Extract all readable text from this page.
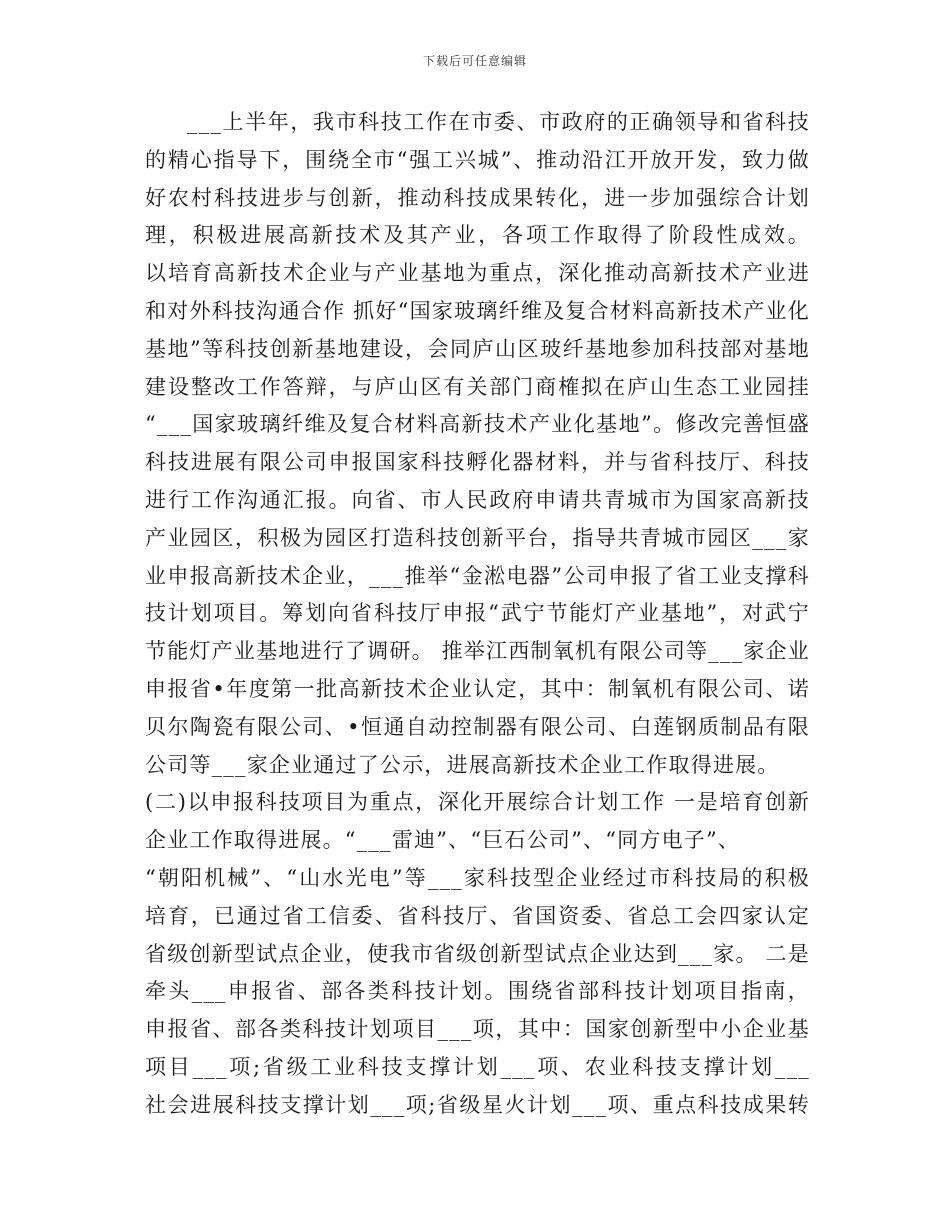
下载后可任意编辑
___上半年，我市科技工作在市委、市政府的正确领导和省科技
的精心指导下，围绕全市“强工兴城”、推动沿江开放开发，致力做
好农村科技进步与创新，推动科技成果转化，进一步加强综合计划
理，积极进展高新技术及其产业，各项工作取得了阶段性成效。
以培育高新技术企业与产业基地为重点，深化推动高新技术产业进
和对外科技沟通合作 抓好“国家玻璃纤维及复合材料高新技术产业化
基地”等科技创新基地建设，会同庐山区玻纤基地参加科技部对基地
建设整改工作答辩，与庐山区有关部门商榷拟在庐山生态工业园挂
“___国家玻璃纤维及复合材料高新技术产业化基地”。修改完善恒盛
科技进展有限公司申报国家科技孵化器材料，并与省科技厅、科技
进行工作沟通汇报。向省、市人民政府申请共青城市为国家高新技
产业园区，积极为园区打造科技创新平台，指导共青城市园区___家
业申报高新技术企业，___推举“金淞电器”公司申报了省工业支撑科
技计划项目。筹划向省科技厅申报“武宁节能灯产业基地”，对武宁
节能灯产业基地进行了调研。 推举江西制氧机有限公司等___家企业
申报省•年度第一批高新技术企业认定，其中：制氧机有限公司、诺
贝尔陶瓷有限公司、•恒通自动控制器有限公司、白莲钢质制品有限
公司等___家企业通过了公示，进展高新技术企业工作取得进展。
(二)以申报科技项目为重点，深化开展综合计划工作 一是培育创新
企业工作取得进展。“___雷迪”、“巨石公司”、“同方电子”、
“朝阳机械”、“山水光电”等___家科技型企业经过市科技局的积极
培育，已通过省工信委、省科技厅、省国资委、省总工会四家认定
省级创新型试点企业，使我市省级创新型试点企业达到___家。 二是
牵头___申报省、部各类科技计划。围绕省部科技计划项目指南，
申报省、部各类科技计划项目___项，其中：国家创新型中小企业基
项目___项;省级工业科技支撑计划___项、农业科技支撑计划___
社会进展科技支撑计划___项;省级星火计划___项、重点科技成果转
